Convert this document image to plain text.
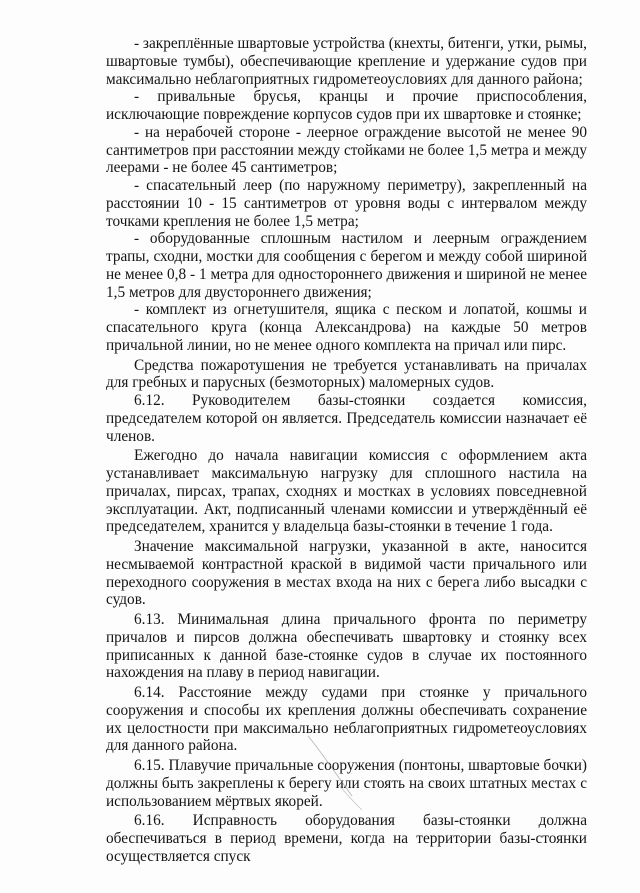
- закреплённые швартовые устройства (кнехты, битенги, утки, рымы, швартовые тумбы), обеспечивающие крепление и удержание судов при максимально неблагоприятных гидрометеоусловиях для данного района;

- привальные брусья, кранцы и прочие приспособления, исключающие повреждение корпусов судов при их швартовке и стоянке;

- на нерабочей стороне - леерное ограждение высотой не менее 90 сантиметров при расстоянии между стойками не более 1,5 метра и между леерами - не более 45 сантиметров;

- спасательный леер (по наружному периметру), закрепленный на расстоянии 10 - 15 сантиметров от уровня воды с интервалом между точками крепления не более 1,5 метра;

- оборудованные сплошным настилом и леерным ограждением трапы, сходни, мостки для сообщения с берегом и между собой шириной не менее 0,8 - 1 метра для одностороннего движения и шириной не менее 1,5 метров для двустороннего движения;

- комплект из огнетушителя, ящика с песком и лопатой, кошмы и спасательного круга (конца Александрова) на каждые 50 метров причальной линии, но не менее одного комплекта на причал или пирс.

Средства пожаротушения не требуется устанавливать на причалах для гребных и парусных (безмоторных) маломерных судов.

6.12. Руководителем базы-стоянки создается комиссия, председателем которой он является. Председатель комиссии назначает её членов.

Ежегодно до начала навигации комиссия с оформлением акта устанавливает максимальную нагрузку для сплошного настила на причалах, пирсах, трапах, сходнях и мостках в условиях повседневной эксплуатации. Акт, подписанный членами комиссии и утверждённый её председателем, хранится у владельца базы-стоянки в течение 1 года.

Значение максимальной нагрузки, указанной в акте, наносится несмываемой контрастной краской в видимой части причального или переходного сооружения в местах входа на них с берега либо высадки с судов.

6.13. Минимальная длина причального фронта по периметру причалов и пирсов должна обеспечивать швартовку и стоянку всех приписанных к данной базе-стоянке судов в случае их постоянного нахождения на плаву в период навигации.

6.14. Расстояние между судами при стоянке у причального сооружения и способы их крепления должны обеспечивать сохранение их целостности при максимально неблагоприятных гидрометеоусловиях для данного района.

6.15. Плавучие причальные сооружения (понтоны, швартовые бочки) должны быть закреплены к берегу или стоять на своих штатных местах с использованием мёртвых якорей.

6.16. Исправность оборудования базы-стоянки должна обеспечиваться в период времени, когда на территории базы-стоянки осуществляется спуск
